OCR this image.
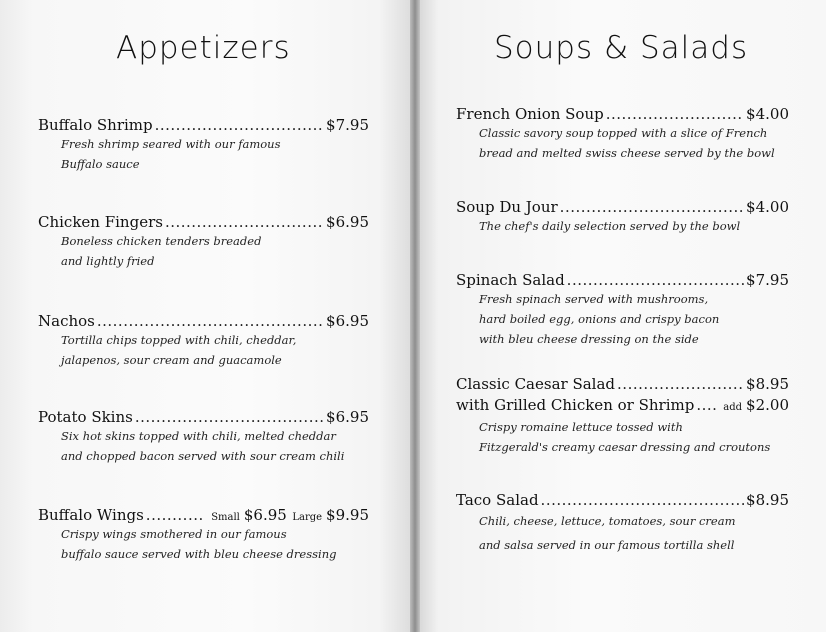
Appetizers
Buffalo Shrimp .....	$7.95
Fresh shrimp seared with our famous
Buffalo sauce
Chicken Fingers .....	$6.95
Boneless chicken tenders breaded
and lightly fried
Nachos .....	$6.95
Tortilla chips topped with chili, cheddar,
jalapenos, sour cream and guacamole
Potato Skins .....	$6.95
Six hot skins topped with chili, melted cheddar
and chopped bacon served with sour cream chili
Buffalo Wings .....	Small $6.95 Large $9.95
Crispy wings smothered in our famous
buffalo sauce served with bleu cheese dressing
Soups & Salads
French Onion Soup .....	$4.00
Classic savory soup topped with a slice of French
bread and melted swiss cheese served by the bowl
Soup Du Jour .....	$4.00
The chef's daily selection served by the bowl
Spinach Salad .....	$7.95
Fresh spinach served with mushrooms,
hard boiled egg, onions and crispy bacon
with bleu cheese dressing on the side
Classic Caesar Salad .....	$8.95
with Grilled Chicken or Shrimp .....	add $2.00
Crispy romaine lettuce tossed with
Fitzgerald's creamy caesar dressing and croutons
Taco Salad .....	$8.95
Chili, cheese, lettuce, tomatoes, sour cream
and salsa served in our famous tortilla shell
